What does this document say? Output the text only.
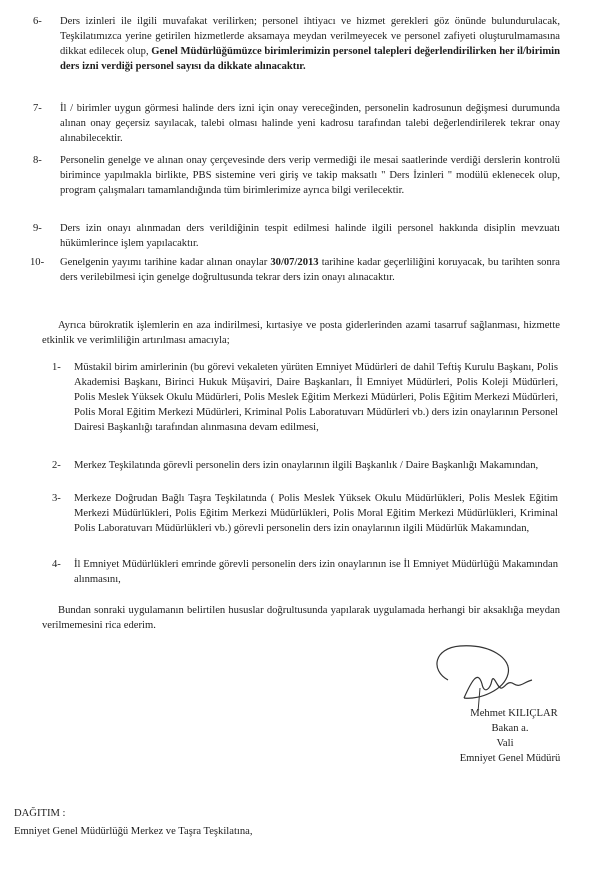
6-	Ders izinleri ile ilgili muvafakat verilirken; personel ihtiyacı ve hizmet gerekleri göz önünde bulundurulacak, Teşkilatımızca yerine getirilen hizmetlerde aksamaya meydan verilmeyecek ve personel zafiyeti oluşturulmamasına dikkat edilecek olup, Genel Müdürlüğümüzce birimlerimizin personel talepleri değerlendirilirken her il/birimin ders izni verdiği personel sayısı da dikkate alınacaktır.
7-	İl / birimler uygun görmesi halinde ders izni için onay vereceğinden, personelin kadrosunun değişmesi durumunda alınan onay geçersiz sayılacak, talebi olması halinde yeni kadrosu tarafından talebi değerlendirilerek tekrar onay alınabilecektir.
8-	Personelin genelge ve alınan onay çerçevesinde ders verip vermediği ile mesai saatlerinde verdiği derslerin kontrolü birimince yapılmakla birlikte, PBS sistemine veri giriş ve takip maksatlı " Ders İzinleri " modülü eklenecek olup, program çalışmaları tamamlandığında tüm birimlerimize ayrıca bilgi verilecektir.
9-	Ders izin onayı alınmadan ders verildiğinin tespit edilmesi halinde ilgili personel hakkında disiplin mevzuatı hükümlerince işlem yapılacaktır.
10-	Genelgenin yayımı tarihine kadar alınan onaylar 30/07/2013 tarihine kadar geçerliliğini koruyacak, bu tarihten sonra ders verilebilmesi için genelge doğrultusunda tekrar ders izin onayı alınacaktır.
Ayrıca bürokratik işlemlerin en aza indirilmesi, kırtasiye ve posta giderlerinden azami tasarruf sağlanması, hizmette etkinlik ve verimliliğin artırılması amacıyla;
1-	Müstakil birim amirlerinin (bu görevi vekaleten yürüten Emniyet Müdürleri de dahil Teftiş Kurulu Başkanı, Polis Akademisi Başkanı, Birinci Hukuk Müşaviri, Daire Başkanları, İl Emniyet Müdürleri, Polis Koleji Müdürleri, Polis Meslek Yüksek Okulu Müdürleri, Polis Meslek Eğitim Merkezi Müdürleri, Polis Eğitim Merkezi Müdürleri, Polis Moral Eğitim Merkezi Müdürleri, Kriminal Polis Laboratuvarı Müdürleri vb.) ders izin onaylarının Personel Dairesi Başkanlığı tarafından alınmasına devam edilmesi,
2-	Merkez Teşkilatında görevli personelin ders izin onaylarının ilgili Başkanlık / Daire Başkanlığı Makamından,
3-	Merkeze Doğrudan Bağlı Taşra Teşkilatında ( Polis Meslek Yüksek Okulu Müdürlükleri, Polis Meslek Eğitim Merkezi Müdürlükleri, Polis Eğitim Merkezi Müdürlükleri, Polis Moral Eğitim Merkezi Müdürlükleri, Kriminal Polis Laboratuvarı Müdürlükleri vb.) görevli personelin ders izin onaylarının ilgili Müdürlük Makamından,
4-	İl Emniyet Müdürlükleri emrinde görevli personelin ders izin onaylarının ise İl Emniyet Müdürlüğü Makamından alınmasını,
Bundan sonraki uygulamanın belirtilen hususlar doğrultusunda yapılarak uygulamada herhangi bir aksaklığa meydan verilmemesini rica ederim.
Mehmet KILIÇLAR
Bakan a.
Vali
Emniyet Genel Müdürü
DAĞITIM :
Emniyet Genel Müdürlüğü Merkez ve Taşra Teşkilatına,
